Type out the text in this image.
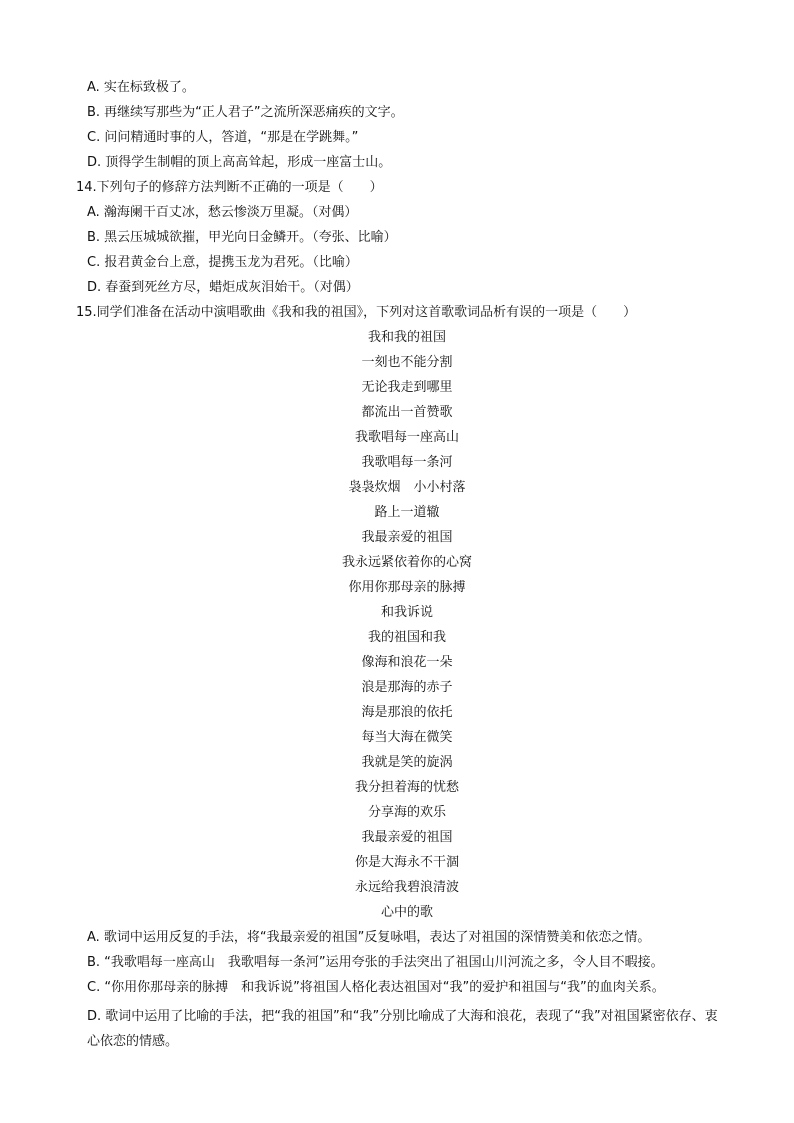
A. 实在标致极了。
B. 再继续写那些为“正人君子”之流所深恶痛疾的文字。
C. 问问精通时事的人，答道，“那是在学跳舞。”
D. 顶得学生制帽的顶上高高耸起，形成一座富士山。
14.下列句子的修辞方法判断不正确的一项是（　　）
A. 瀚海阑干百丈冰，愁云惨淡万里凝。（对偶）
B. 黑云压城城欲摧，甲光向日金鳞开。（夸张、比喻）
C. 报君黄金台上意，提携玉龙为君死。（比喻）
D. 春蚕到死丝方尽，蜡炬成灰泪始干。（对偶）
15.同学们准备在活动中演唱歌曲《我和我的祖国》，下列对这首歌歌词品析有误的一项是（　　）
我和我的祖国
一刻也不能分割
无论我走到哪里
都流出一首赞歌
我歌唱每一座高山
我歌唱每一条河
袅袅炊烟　小小村落
路上一道辙
我最亲爱的祖国
我永远紧依着你的心窝
你用你那母亲的脉搏
和我诉说
我的祖国和我
像海和浪花一朵
浪是那海的赤子
海是那浪的依托
每当大海在微笑
我就是笑的旋涡
我分担着海的忧愁
分享海的欢乐
我最亲爱的祖国
你是大海永不干涸
永远给我碧浪清波
心中的歌
A. 歌词中运用反复的手法，将“我最亲爱的祖国”反复咏唱，表达了对祖国的深情赞美和依恋之情。
B. “我歌唱每一座高山　我歌唱每一条河”运用夸张的手法突出了祖国山川河流之多，令人目不暇接。
C. “你用你那母亲的脉搏　和我诉说”将祖国人格化表达祖国对“我”的爱护和祖国与“我”的血肉关系。
D. 歌词中运用了比喻的手法，把“我的祖国”和“我”分别比喻成了大海和浪花，表现了“我”对祖国紧密依存、衷心依恋的情感。
